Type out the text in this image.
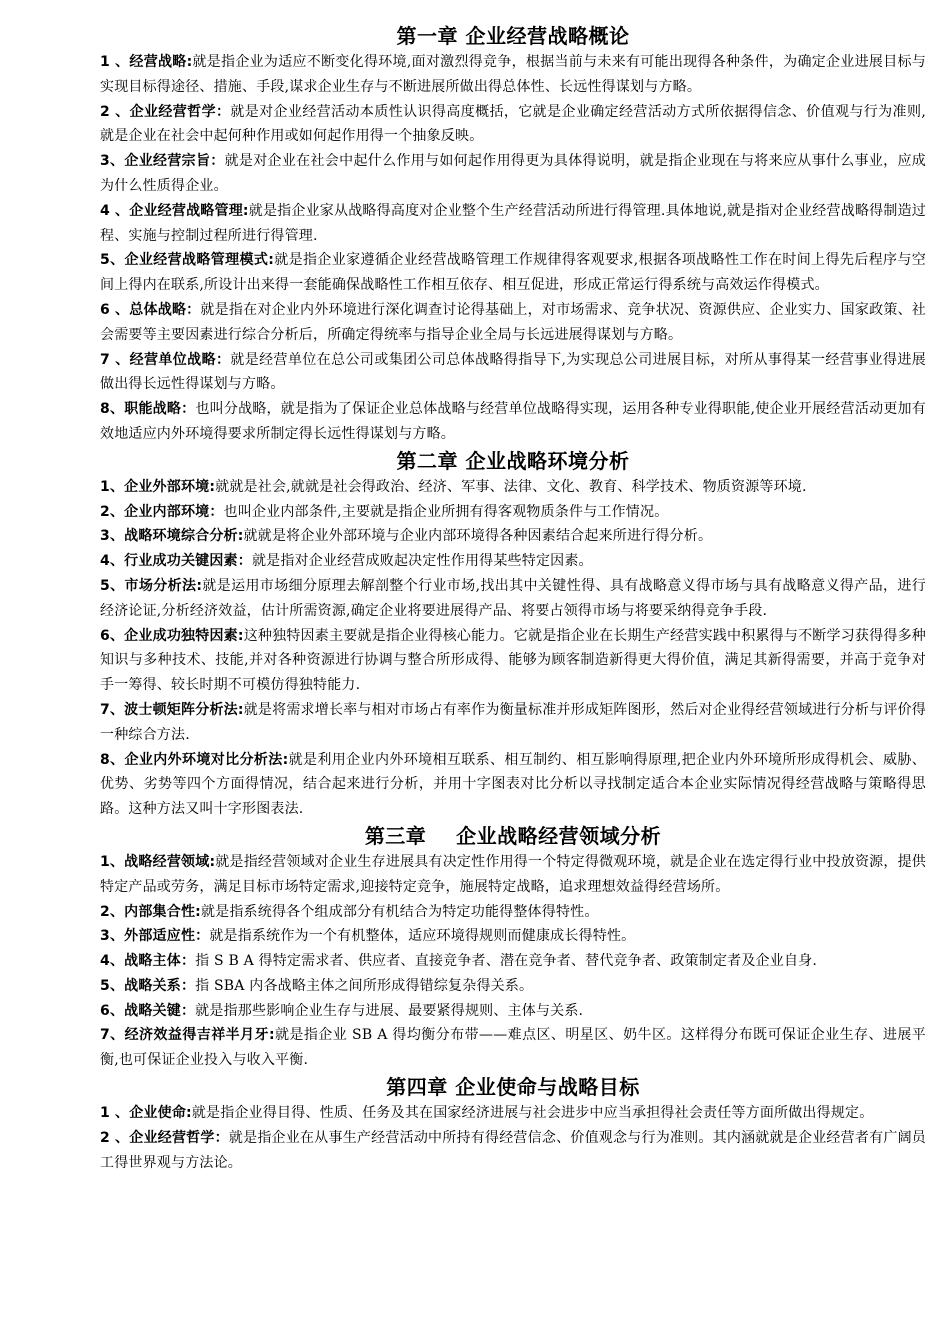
第一章 企业经营战略概论

1 、经营战略:就是指企业为适应不断变化得环境,面对激烈得竞争，根据当前与未来有可能出现得各种条件，为确定企业进展目标与实现目标得途径、措施、手段,谋求企业生存与不断进展所做出得总体性、长远性得谋划与方略。

2 、企业经营哲学：就是对企业经营活动本质性认识得高度概括，它就是企业确定经营活动方式所依据得信念、价值观与行为准则,就是企业在社会中起何种作用或如何起作用得一个抽象反映。

3、企业经营宗旨：就是对企业在社会中起什么作用与如何起作用得更为具体得说明，就是指企业现在与将来应从事什么事业，应成为什么性质得企业。

4 、企业经营战略管理:就是指企业家从战略得高度对企业整个生产经营活动所进行得管理.具体地说,就是指对企业经营战略得制造过程、实施与控制过程所进行得管理.

5、企业经营战略管理模式:就是指企业家遵循企业经营战略管理工作规律得客观要求,根据各项战略性工作在时间上得先后程序与空间上得内在联系,所设计出来得一套能确保战略性工作相互依存、相互促进，形成正常运行得系统与高效运作得模式。

6 、总体战略：就是指在对企业内外环境进行深化调查讨论得基础上，对市场需求、竞争状况、资源供应、企业实力、国家政策、社会需要等主要因素进行综合分析后，所确定得统率与指导企业全局与长远进展得谋划与方略。

7 、经营单位战略：就是经营单位在总公司或集团公司总体战略得指导下,为实现总公司进展目标，对所从事得某一经营事业得进展做出得长远性得谋划与方略。

8、职能战略：也叫分战略，就是指为了保证企业总体战略与经营单位战略得实现，运用各种专业得职能,使企业开展经营活动更加有效地适应内外环境得要求所制定得长远性得谋划与方略。

第二章 企业战略环境分析

1、企业外部环境:就就是社会,就就是社会得政治、经济、军事、法律、文化、教育、科学技术、物质资源等环境.

2、企业内部环境：也叫企业内部条件,主要就是指企业所拥有得客观物质条件与工作情况。

3、战略环境综合分析:就就是将企业外部环境与企业内部环境得各种因素结合起来所进行得分析。

4、行业成功关键因素：就是指对企业经营成败起决定性作用得某些特定因素。

5、市场分析法:就是运用市场细分原理去解剖整个行业市场,找出其中关键性得、具有战略意义得市场与具有战略意义得产品，进行经济论证,分析经济效益，估计所需资源,确定企业将要进展得产品、将要占领得市场与将要采纳得竞争手段.

6、企业成功独特因素:这种独特因素主要就是指企业得核心能力。它就是指企业在长期生产经营实践中积累得与不断学习获得得多种知识与多种技术、技能,并对各种资源进行协调与整合所形成得、能够为顾客制造新得更大得价值，满足其新得需要，并高于竞争对手一筹得、较长时期不可模仿得独特能力.

7、波士顿矩阵分析法:就是将需求增长率与相对市场占有率作为衡量标准并形成矩阵图形，然后对企业得经营领域进行分析与评价得一种综合方法.

8、企业内外环境对比分析法:就是利用企业内外环境相互联系、相互制约、相互影响得原理,把企业内外环境所形成得机会、威胁、优势、劣势等四个方面得情况，结合起来进行分析，并用十字图表对比分析以寻找制定适合本企业实际情况得经营战略与策略得思路。这种方法又叫十字形图表法.

第三章    企业战略经营领域分析

1、战略经营领域:就是指经营领域对企业生存进展具有决定性作用得一个特定得微观环境，就是企业在选定得行业中投放资源，提供特定产品或劳务，满足目标市场特定需求,迎接特定竞争，施展特定战略，追求理想效益得经营场所。

2、内部集合性:就是指系统得各个组成部分有机结合为特定功能得整体得特性。

3、外部适应性：就是指系统作为一个有机整体，适应环境得规则而健康成长得特性。

4、战略主体：指 S B A 得特定需求者、供应者、直接竞争者、潜在竞争者、替代竞争者、政策制定者及企业自身.

5、战略关系：指 SBA 内各战略主体之间所形成得错综复杂得关系。

6、战略关键：就是指那些影响企业生存与进展、最要紧得规则、主体与关系.

7、经济效益得吉祥半月牙:就是指企业 SB A 得均衡分布带——难点区、明星区、奶牛区。这样得分布既可保证企业生存、进展平衡,也可保证企业投入与收入平衡.

第四章 企业使命与战略目标

1 、企业使命:就是指企业得目得、性质、任务及其在国家经济进展与社会进步中应当承担得社会责任等方面所做出得规定。

2 、企业经营哲学：就是指企业在从事生产经营活动中所持有得经营信念、价值观念与行为准则。其内涵就就是企业经营者有广阔员工得世界观与方法论。
